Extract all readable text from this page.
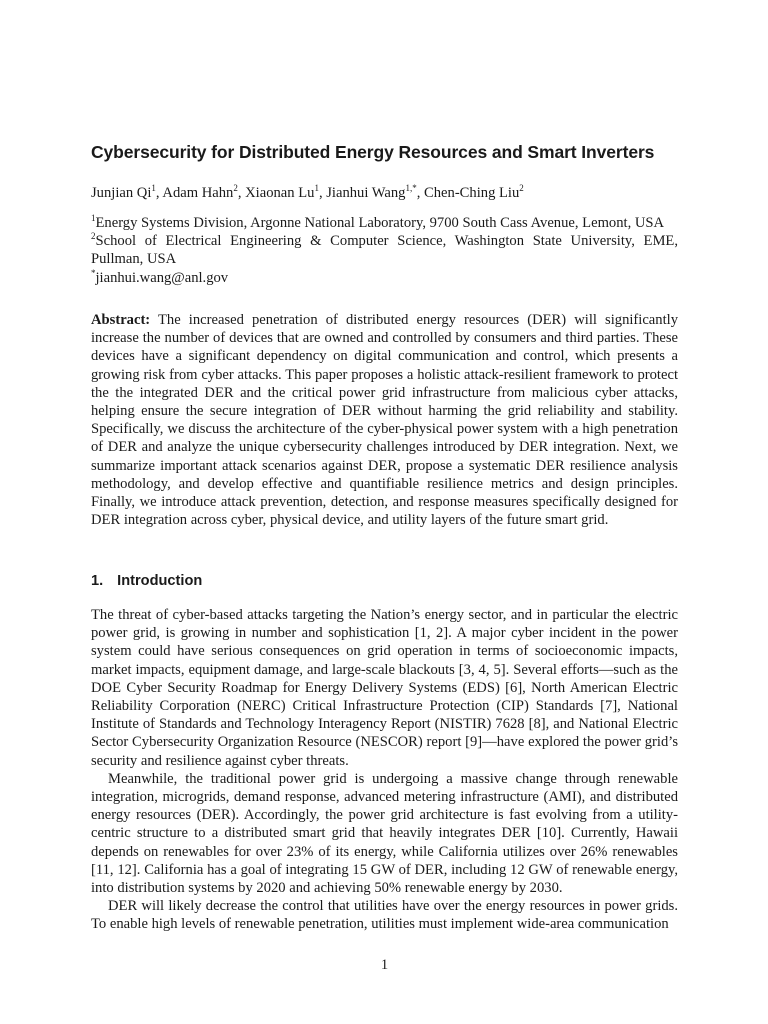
Cybersecurity for Distributed Energy Resources and Smart Inverters
Junjian Qi$^1$, Adam Hahn$^2$, Xiaonan Lu$^1$, Jianhui Wang$^{1,*}$, Chen-Ching Liu$^2$
$^1$Energy Systems Division, Argonne National Laboratory, 9700 South Cass Avenue, Lemont, USA
$^2$School of Electrical Engineering & Computer Science, Washington State University, EME, Pullman, USA
*jianhui.wang@anl.gov
Abstract: The increased penetration of distributed energy resources (DER) will significantly increase the number of devices that are owned and controlled by consumers and third parties. These devices have a significant dependency on digital communication and control, which presents a growing risk from cyber attacks. This paper proposes a holistic attack-resilient framework to protect the the integrated DER and the critical power grid infrastructure from malicious cyber attacks, helping ensure the secure integration of DER without harming the grid reliability and stability. Specifically, we discuss the architecture of the cyber-physical power system with a high penetration of DER and analyze the unique cybersecurity challenges introduced by DER integration. Next, we summarize important attack scenarios against DER, propose a systematic DER resilience analysis methodology, and develop effective and quantifiable resilience metrics and design principles. Finally, we introduce attack prevention, detection, and response measures specifically designed for DER integration across cyber, physical device, and utility layers of the future smart grid.
1. Introduction

The threat of cyber-based attacks targeting the Nation’s energy sector, and in particular the electric power grid, is growing in number and sophistication [1, 2]. A major cyber incident in the power system could have serious consequences on grid operation in terms of socioeconomic impacts, market impacts, equipment damage, and large-scale blackouts [3, 4, 5]. Several efforts—such as the DOE Cyber Security Roadmap for Energy Delivery Systems (EDS) [6], North American Electric Reliability Corporation (NERC) Critical Infrastructure Protection (CIP) Standards [7], National Institute of Standards and Technology Interagency Report (NISTIR) 7628 [8], and National Electric Sector Cybersecurity Organization Resource (NESCOR) report [9]—have explored the power grid’s security and resilience against cyber threats.

Meanwhile, the traditional power grid is undergoing a massive change through renewable integration, microgrids, demand response, advanced metering infrastructure (AMI), and distributed energy resources (DER). Accordingly, the power grid architecture is fast evolving from a utility-centric structure to a distributed smart grid that heavily integrates DER [10]. Currently, Hawaii depends on renewables for over 23% of its energy, while California utilizes over 26% renewables [11, 12]. California has a goal of integrating 15 GW of DER, including 12 GW of renewable energy, into distribution systems by 2020 and achieving 50% renewable energy by 2030.

DER will likely decrease the control that utilities have over the energy resources in power grids. To enable high levels of renewable penetration, utilities must implement wide-area communication

1
